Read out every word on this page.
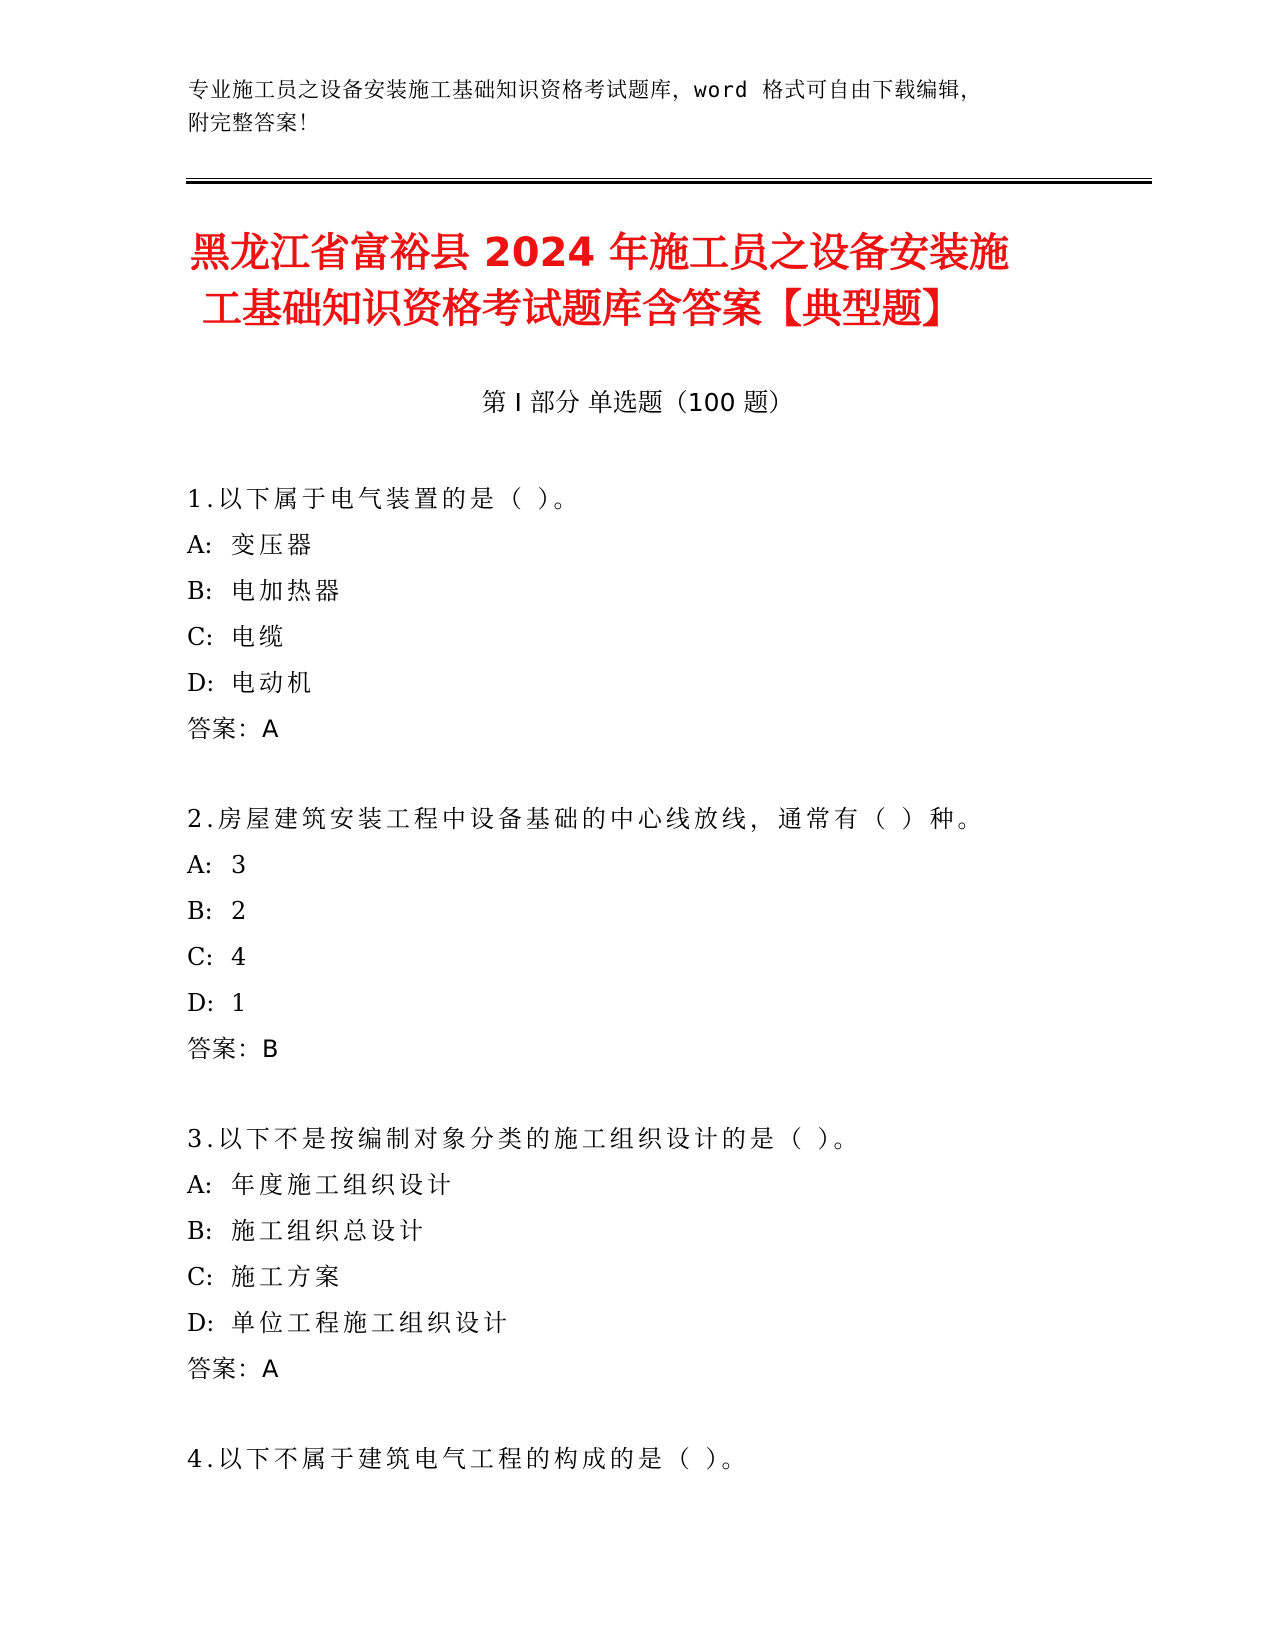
专业施工员之设备安装施工基础知识资格考试题库，word 格式可自由下载编辑，
附完整答案！
黑龙江省富裕县 2024 年施工员之设备安装施
工基础知识资格考试题库含答案【典型题】
第 I 部分 单选题（100 题）
1.以下属于电气装置的是（ ）。
A: 变压器
B: 电加热器
C: 电缆
D: 电动机
答案：A
2.房屋建筑安装工程中设备基础的中心线放线，通常有（ ）种。
A: 3
B: 2
C: 4
D: 1
答案：B
3.以下不是按编制对象分类的施工组织设计的是（ ）。
A: 年度施工组织设计
B: 施工组织总设计
C: 施工方案
D: 单位工程施工组织设计
答案：A
4.以下不属于建筑电气工程的构成的是（ ）。
